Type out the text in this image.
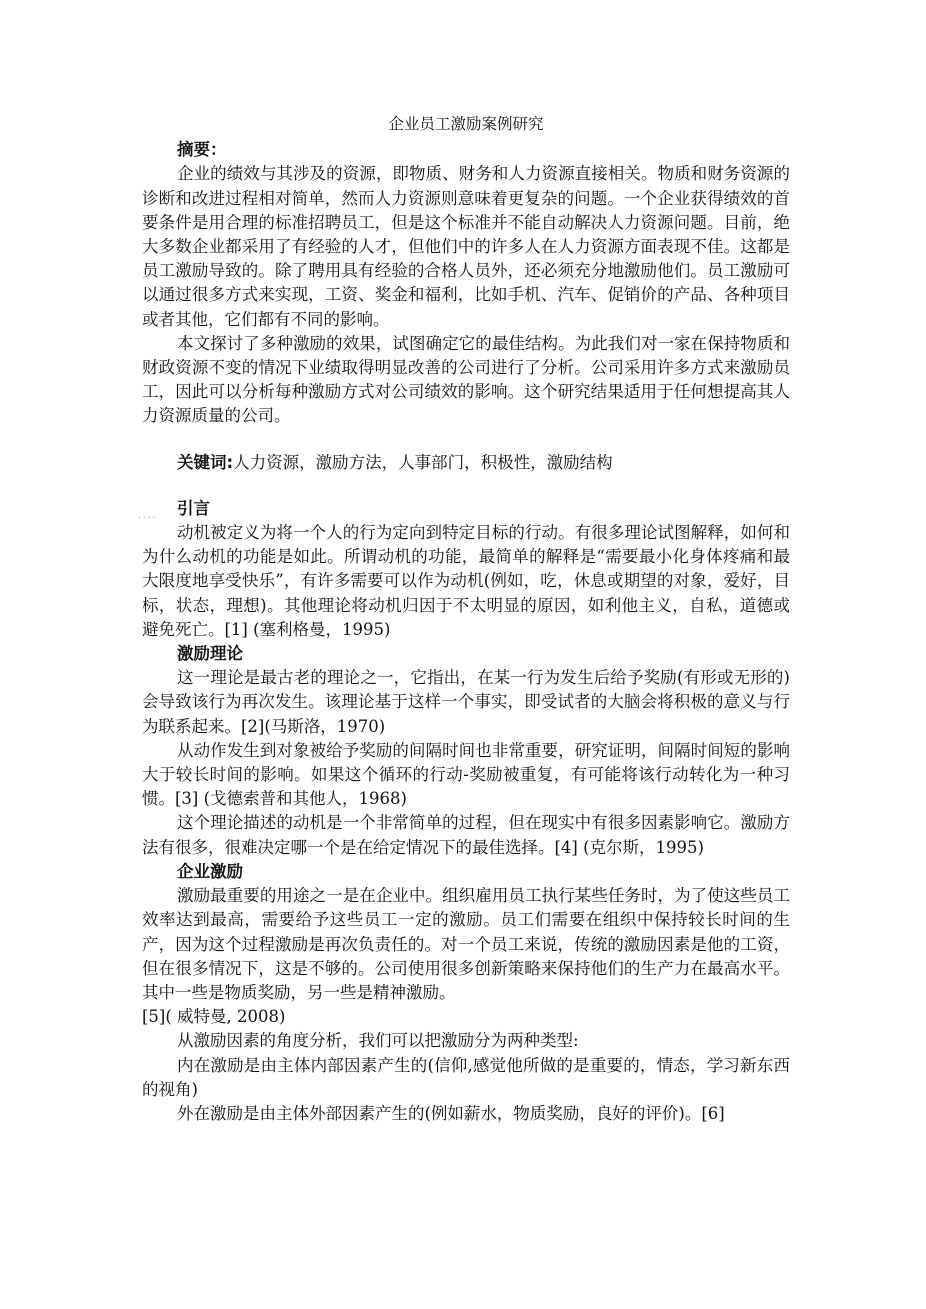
企业员工激励案例研究

摘要：

企业的绩效与其涉及的资源，即物质、财务和人力资源直接相关。物质和财务资源的诊断和改进过程相对简单，然而人力资源则意味着更复杂的问题。一个企业获得绩效的首要条件是用合理的标准招聘员工，但是这个标准并不能自动解决人力资源问题。目前，绝大多数企业都采用了有经验的人才，但他们中的许多人在人力资源方面表现不佳。这都是员工激励导致的。除了聘用具有经验的合格人员外，还必须充分地激励他们。员工激励可以通过很多方式来实现，工资、奖金和福利，比如手机、汽车、促销价的产品、各种项目或者其他，它们都有不同的影响。

本文探讨了多种激励的效果，试图确定它的最佳结构。为此我们对一家在保持物质和财政资源不变的情况下业绩取得明显改善的公司进行了分析。公司采用许多方式来激励员工，因此可以分析每种激励方式对公司绩效的影响。这个研究结果适用于任何想提高其人力资源质量的公司。

关键词:人力资源，激励方法，人事部门，积极性，激励结构

....	引言

动机被定义为将一个人的行为定向到特定目标的行动。有很多理论试图解释，如何和为什么动机的功能是如此。所谓动机的功能，最简单的解释是“需要最小化身体疼痛和最大限度地享受快乐”，有许多需要可以作为动机(例如，吃，休息或期望的对象，爱好，目标，状态，理想)。其他理论将动机归因于不太明显的原因，如利他主义，自私，道德或避免死亡。[1] (塞利格曼，1995)

激励理论

这一理论是最古老的理论之一，它指出，在某一行为发生后给予奖励(有形或无形的)会导致该行为再次发生。该理论基于这样一个事实，即受试者的大脑会将积极的意义与行为联系起来。[2](马斯洛，1970)

从动作发生到对象被给予奖励的间隔时间也非常重要，研究证明，间隔时间短的影响大于较长时间的影响。如果这个循环的行动-奖励被重复，有可能将该行动转化为一种习惯。[3] (戈德索普和其他人，1968)

这个理论描述的动机是一个非常简单的过程，但在现实中有很多因素影响它。激励方法有很多，很难决定哪一个是在给定情况下的最佳选择。[4] (克尔斯，1995)

企业激励

激励最重要的用途之一是在企业中。组织雇用员工执行某些任务时，为了使这些员工效率达到最高，需要给予这些员工一定的激励。员工们需要在组织中保持较长时间的生产，因为这个过程激励是再次负责任的。对一个员工来说，传统的激励因素是他的工资，但在很多情况下，这是不够的。公司使用很多创新策略来保持他们的生产力在最高水平。其中一些是物质奖励，另一些是精神激励。

[5]( 威特曼, 2008)

从激励因素的角度分析，我们可以把激励分为两种类型:

内在激励是由主体内部因素产生的(信仰,感觉他所做的是重要的，情态，学习新东西的视角)

外在激励是由主体外部因素产生的(例如薪水，物质奖励，良好的评价)。[6]
